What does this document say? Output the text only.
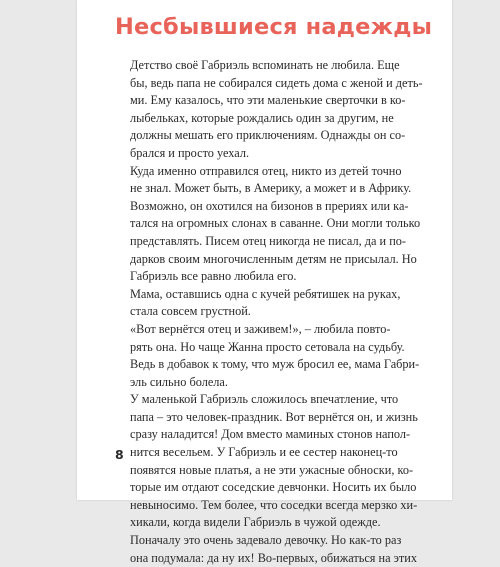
Несбывшиеся надежды

Детство своё Габриэль вспоминать не любила. Еще
бы, ведь папа не собирался сидеть дома с женой и деть-
ми. Ему казалось, что эти маленькие сверточки в ко-
лыбельках, которые рождались один за другим, не
должны мешать его приключениям. Однажды он со-
брался и просто уехал.

Куда именно отправился отец, никто из детей точно
не знал. Может быть, в Америку, а может и в Африку.
Возможно, он охотился на бизонов в прериях или ка-
тался на огромных слонах в саванне. Они могли только
представлять. Писем отец никогда не писал, да и по-
дарков своим многочисленным детям не присылал. Но
Габриэль все равно любила его.

Мама, оставшись одна с кучей ребятишек на руках,
стала совсем грустной.

«Вот вернётся отец и заживем!», – любила повто-
рять она. Но чаще Жанна просто сетовала на судьбу.
Ведь в добавок к тому, что муж бросил ее, мама Габри-
эль сильно болела.

У маленькой Габриэль сложилось впечатление, что
папа – это человек-праздник. Вот вернётся он, и жизнь
сразу наладится! Дом вместо маминых стонов напол-
нится весельем. У Габриэль и ее сестер наконец-то
появятся новые платья, а не эти ужасные обноски, ко-
торые им отдают соседские девчонки. Носить их было
невыносимо. Тем более, что соседки всегда мерзко хи-
хикали, когда видели Габриэль в чужой одежде.

Поначалу это очень задевало девочку. Но как-то раз
она подумала: да ну их! Во-первых, обижаться на этих

8
